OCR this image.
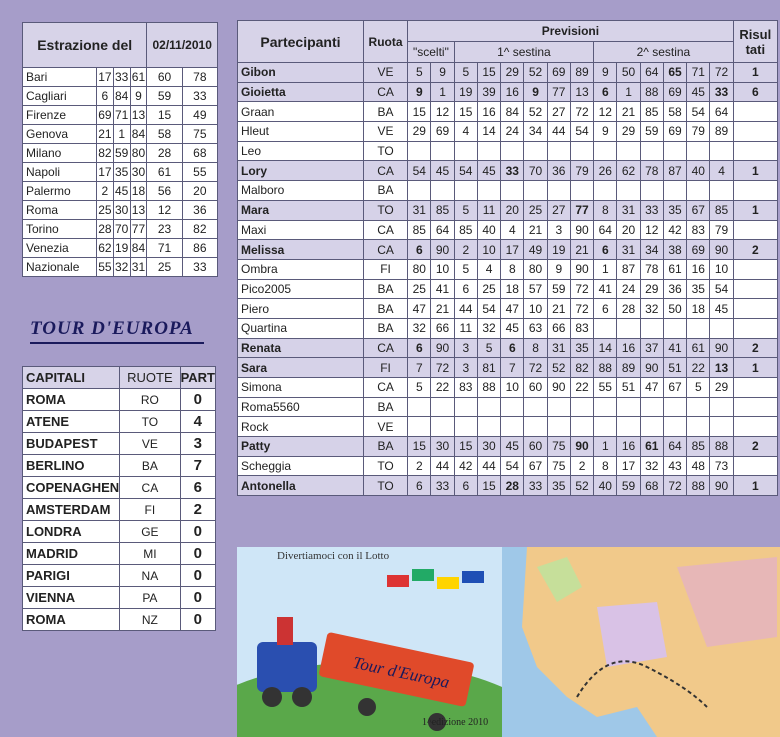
Estrazione del				02/11/2010	
Bari	17	33	61	60	78
Cagliari	6	84	9	59	33
Firenze	69	71	13	15	49
Genova	21	1	84	58	75
Milano	82	59	80	28	68
Napoli	17	35	30	61	55
Palermo	2	45	18	56	20
Roma	25	30	13	12	36
Torino	28	70	77	23	82
Venezia	62	19	84	71	86
Nazionale	55	32	31	25	33
TOUR D'EUROPA
CAPITALI	RUOTE	PART
ROMA	RO	0
ATENE	TO	4
BUDAPEST	VE	3
BERLINO	BA	7
COPENAGHEN	CA	6
AMSTERDAM	FI	2
LONDRA	GE	0
MADRID	MI	0
PARIGI	NA	0
VIENNA	PA	0
ROMA	NZ	0
Partecipanti	Ruota	Previsioni														Risul tati
		"scelti"		1^ sestina						2^ sestina						
Gibon	VE	5	9	5	15	29	52	69	89	9	50	64	65	71	72	1
Gioietta	CA	9	1	19	39	16	9	77	13	6	1	88	69	45	33	6
Graan	BA	15	12	15	16	84	52	27	72	12	21	85	58	54	64	
Hleut	VE	29	69	4	14	24	34	44	54	9	29	59	69	79	89	
Leo	TO															
Lory	CA	54	45	54	45	33	70	36	79	26	62	78	87	40	4	1
Malboro	BA															
Mara	TO	31	85	5	11	20	25	27	77	8	31	33	35	67	85	1
Maxi	CA	85	64	85	40	4	21	3	90	64	20	12	42	83	79	
Melissa	CA	6	90	2	10	17	49	19	21	6	31	34	38	69	90	2
Ombra	FI	80	10	5	4	8	80	9	90	1	87	78	61	16	10	
Pico2005	BA	25	41	6	25	18	57	59	72	41	24	29	36	35	54	
Piero	BA	47	21	44	54	47	10	21	72	6	28	32	50	18	45	
Quartina	BA	32	66	11	32	45	63	66	83							
Renata	CA	6	90	3	5	6	8	31	35	14	16	37	41	61	90	2
Sara	FI	7	72	3	81	7	72	52	82	88	89	90	51	22	13	1
Simona	CA	5	22	83	88	10	60	90	22	55	51	47	67	5	29	
Roma5560	BA															
Rock	VE															
Patty	BA	15	30	15	30	45	60	75	90	1	16	61	64	85	88	2
Scheggia	TO	2	44	42	44	54	67	75	2	8	17	32	43	48	73	
Antonella	TO	6	33	6	15	28	33	35	52	40	59	68	72	88	90	1
Tour d'Europa
1^edizione 2010
Divertiamoci con il Lotto
